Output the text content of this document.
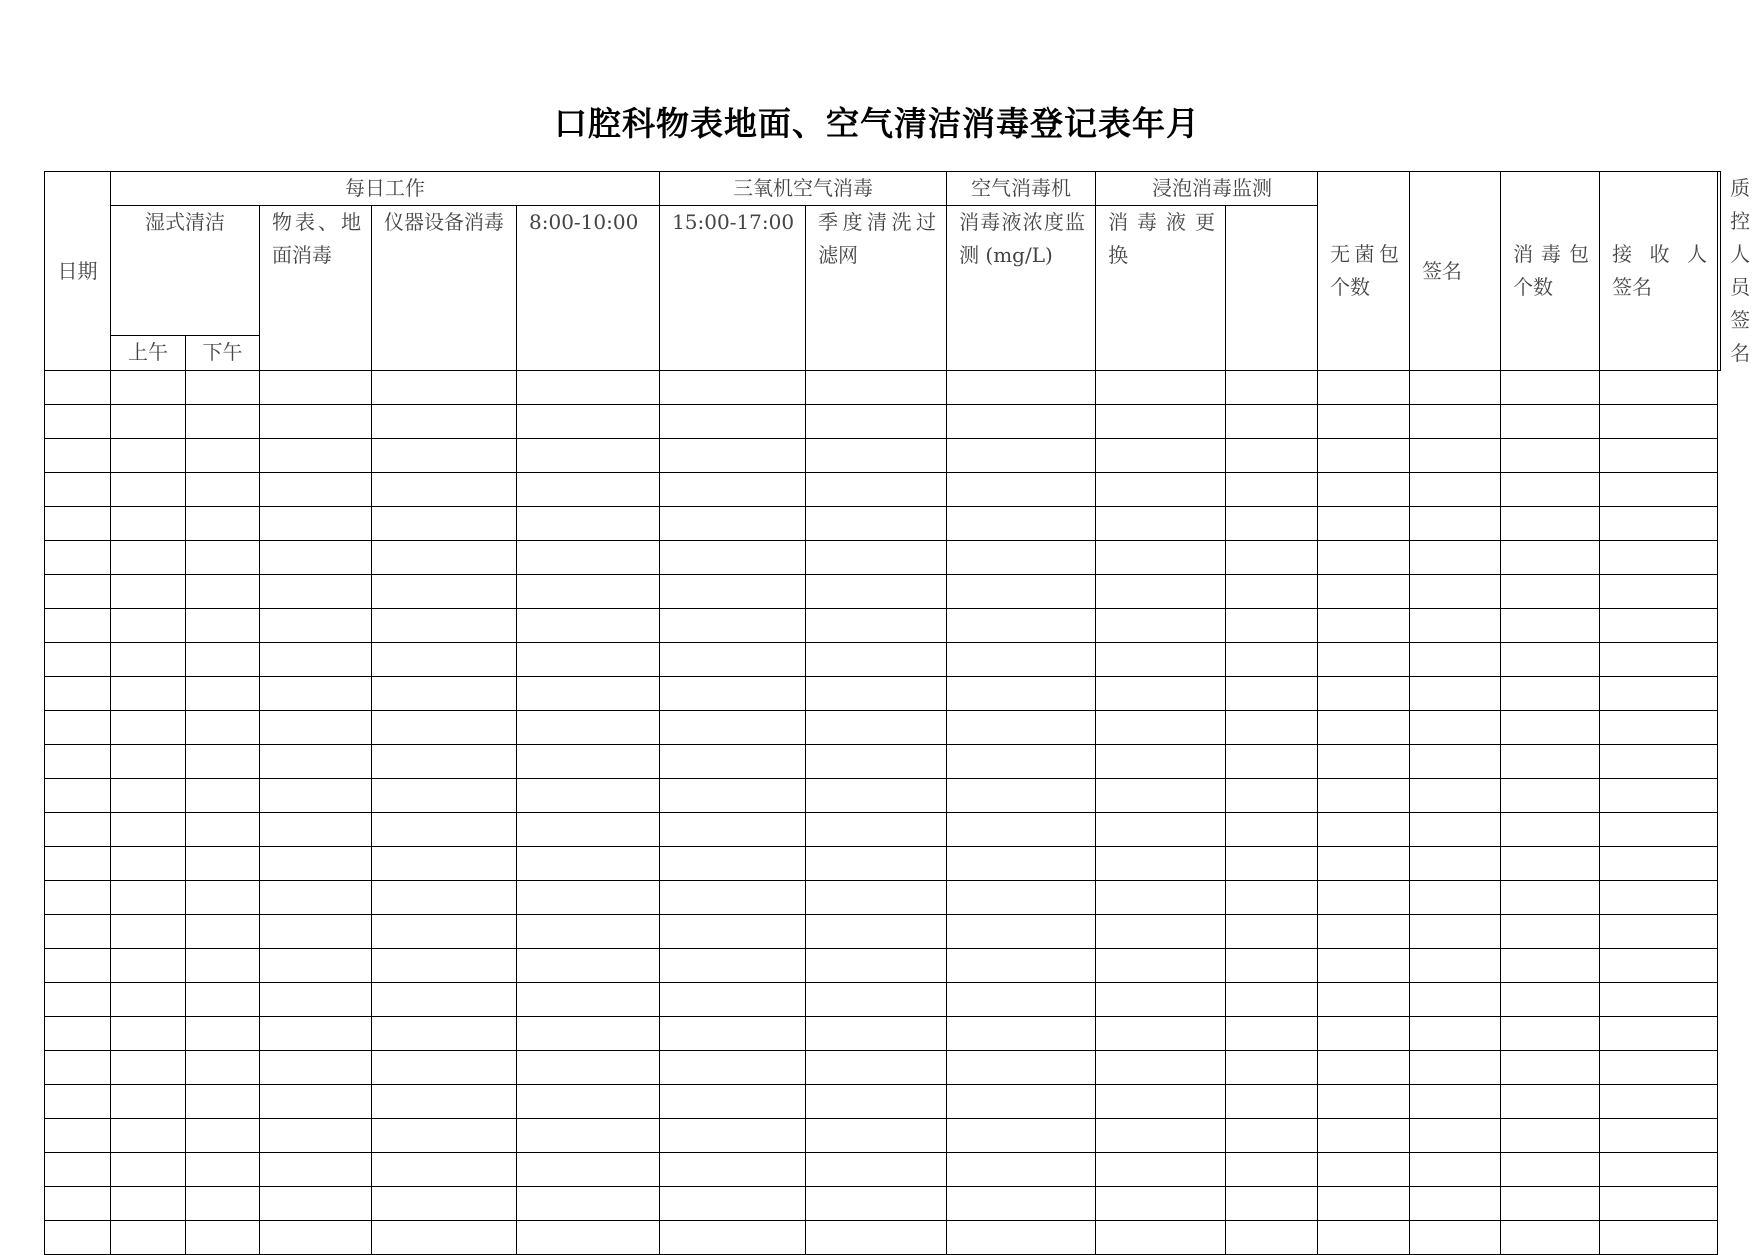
口腔科物表地面、空气清洁消毒登记表年月
日期	每日工作					三氧机空气消毒		空气消毒机	浸泡消毒监测		无菌包个数	签名	消毒包个数	接 收 人 签名	质 控 人 员 签名
	湿式清洁		物表、地面消毒	仪器设备消毒	8:00-10:00	15:00-17:00	季度清洗过滤网	消毒液浓度监测 (mg/L)	消 毒 液 更 换						
	上午	下午													
